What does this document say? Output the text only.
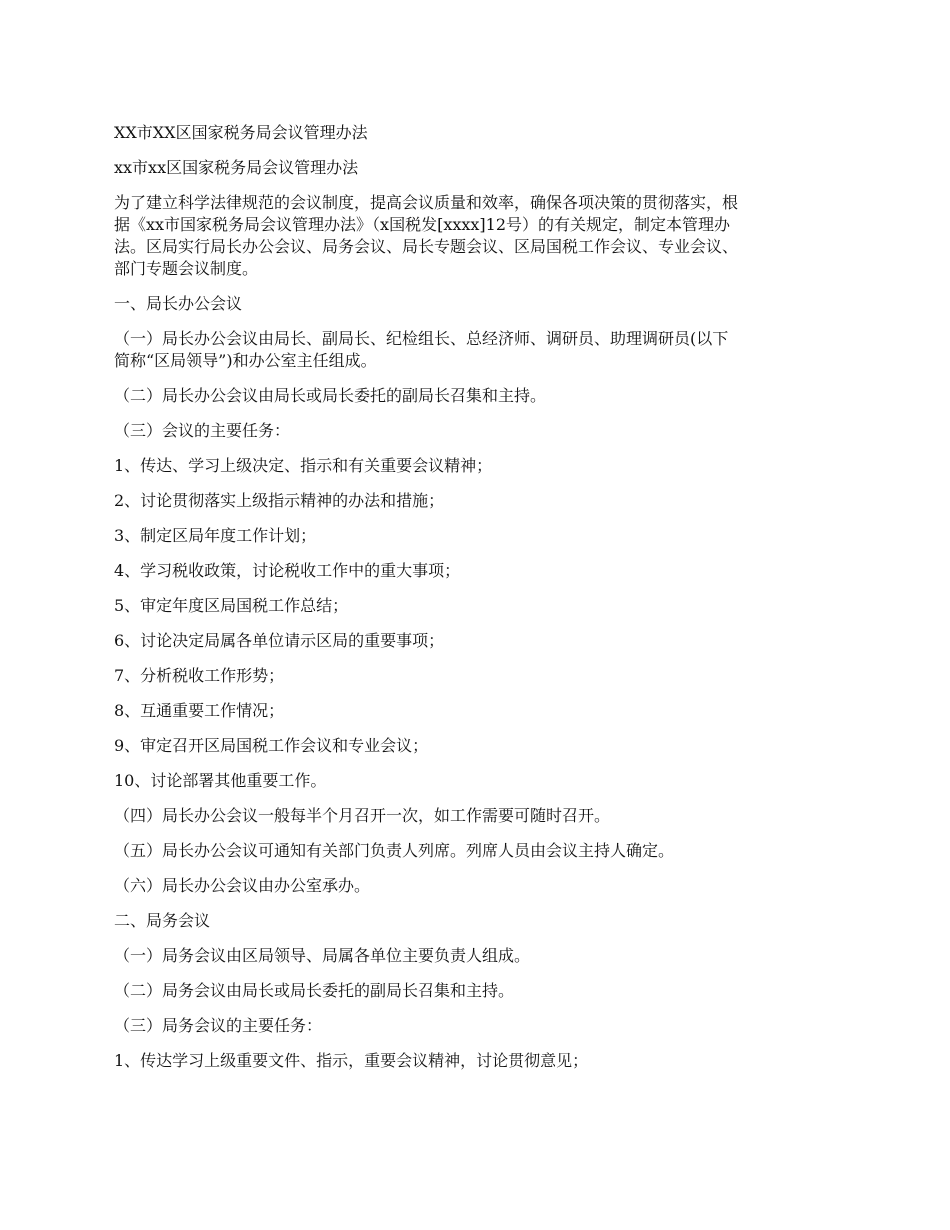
XX市XX区国家税务局会议管理办法
xx市xx区国家税务局会议管理办法
为了建立科学法律规范的会议制度，提高会议质量和效率，确保各项决策的贯彻落实，根
据《xx市国家税务局会议管理办法》（x国税发[xxxx]12号）的有关规定，制定本管理办
法。区局实行局长办公会议、局务会议、局长专题会议、区局国税工作会议、专业会议、
部门专题会议制度。
一、局长办公会议
（一）局长办公会议由局长、副局长、纪检组长、总经济师、调研员、助理调研员(以下
简称“区局领导”)和办公室主任组成。
（二）局长办公会议由局长或局长委托的副局长召集和主持。
（三）会议的主要任务：
1、传达、学习上级决定、指示和有关重要会议精神；
2、讨论贯彻落实上级指示精神的办法和措施；
3、制定区局年度工作计划；
4、学习税收政策，讨论税收工作中的重大事项；
5、审定年度区局国税工作总结；
6、讨论决定局属各单位请示区局的重要事项；
7、分析税收工作形势；
8、互通重要工作情况；
9、审定召开区局国税工作会议和专业会议；
10、讨论部署其他重要工作。
（四）局长办公会议一般每半个月召开一次，如工作需要可随时召开。
（五）局长办公会议可通知有关部门负责人列席。列席人员由会议主持人确定。
（六）局长办公会议由办公室承办。
二、局务会议
（一）局务会议由区局领导、局属各单位主要负责人组成。
（二）局务会议由局长或局长委托的副局长召集和主持。
（三）局务会议的主要任务：
1、传达学习上级重要文件、指示，重要会议精神，讨论贯彻意见；
